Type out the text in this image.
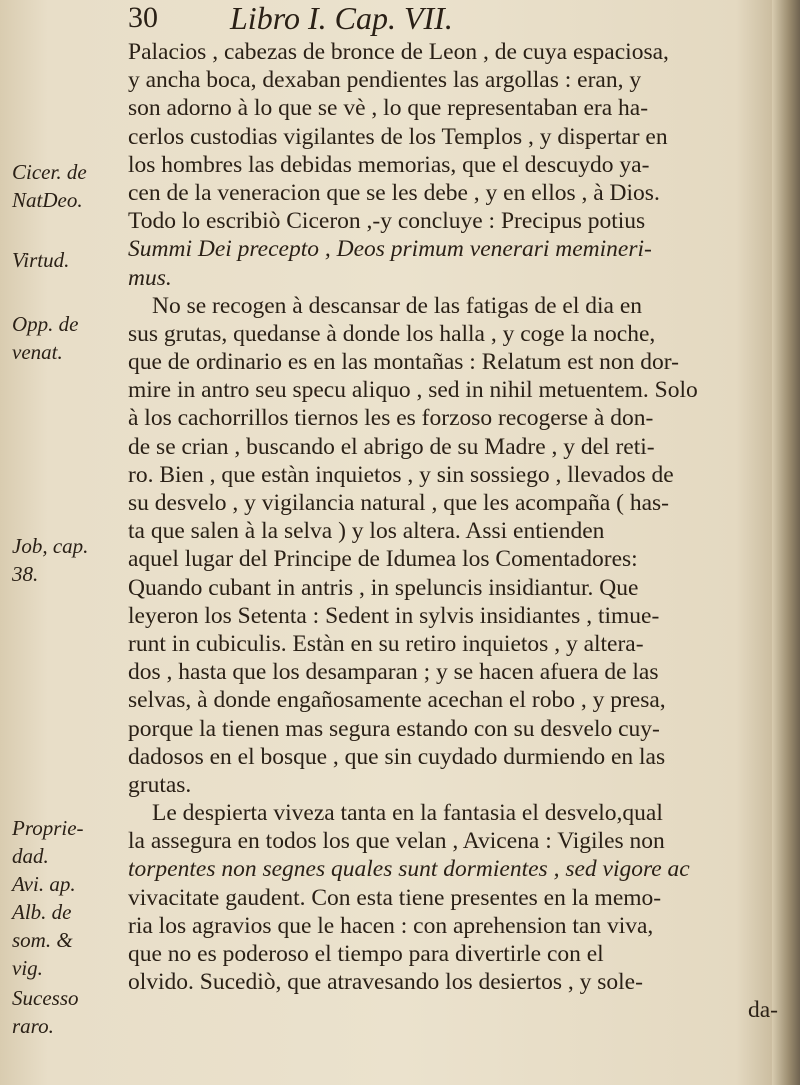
30 Libro I. Cap. VII.
Cicer. de
NatDeo.
Virtud.
Opp. de
venat.
Job, cap.
38.
Proprie-
dad.
Avi. ap.
Alb. de
som. &
vig.
Sucesso
raro.
Palacios , cabezas de bronce de Leon , de cuya espaciosa,
y ancha boca, dexaban pendientes las argollas : eran, y
son adorno à lo que se vè , lo que representaban era ha-
cerlos custodias vigilantes de los Templos , y dispertar en
los hombres las debidas memorias, que el descuydo ya-
cen de la veneracion que se les debe , y en ellos , à Dios.
Todo lo escribiò Ciceron ,-y concluye : Precipus potius
Summi Dei precepto , Deos primum venerari memineri-
mus.
No se recogen à descansar de las fatigas de el dia en
sus grutas, quedanse à donde los halla , y coge la noche,
que de ordinario es en las montañas : Relatum est non dor-
mire in antro seu specu aliquo , sed in nihil metuentem. Solo
à los cachorrillos tiernos les es forzoso recogerse à don-
de se crian , buscando el abrigo de su Madre , y del reti-
ro. Bien , que estàn inquietos , y sin sossiego , llevados de
su desvelo , y vigilancia natural , que les acompaña ( has-
ta que salen à la selva ) y los altera. Assi entienden
aquel lugar del Principe de Idumea los Comentadores:
Quando cubant in antris , in speluncis insidiantur. Que
leyeron los Setenta : Sedent in sylvis insidiantes , timue-
runt in cubiculis. Estàn en su retiro inquietos , y altera-
dos , hasta que los desamparan ; y se hacen afuera de las
selvas, à donde engañosamente acechan el robo , y presa,
porque la tienen mas segura estando con su desvelo cuy-
dadosos en el bosque , que sin cuydado durmiendo en las
grutas.
Le despierta viveza tanta en la fantasia el desvelo,qual
la assegura en todos los que velan , Avicena : Vigiles non
torpentes non segnes quales sunt dormientes , sed vigore ac
vivacitate gaudent. Con esta tiene presentes en la memo-
ria los agravios que le hacen : con aprehension tan viva,
que no es poderoso el tiempo para divertirle con el
olvido. Sucediò, que atravesando los desiertos , y sole-
da-
